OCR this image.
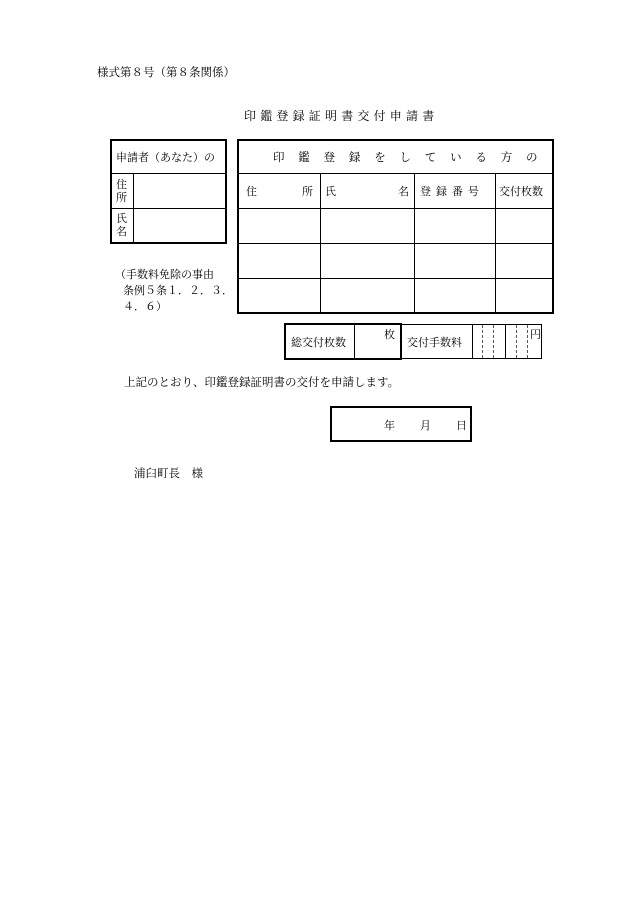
様式第８号（第８条関係）
印鑑登録証明書交付申請書
申請者（あなた）の
住
所
氏
名
印鑑登録をしている方の
住	所 氏	名 登録番号 交付枚数
（手数料免除の事由
条例５条１．２．３．
４．６）
総交付枚数
枚
交付手数料
円
上記のとおり、印鑑登録証明書の交付を申請します。
年 月 日
浦臼町長　様
